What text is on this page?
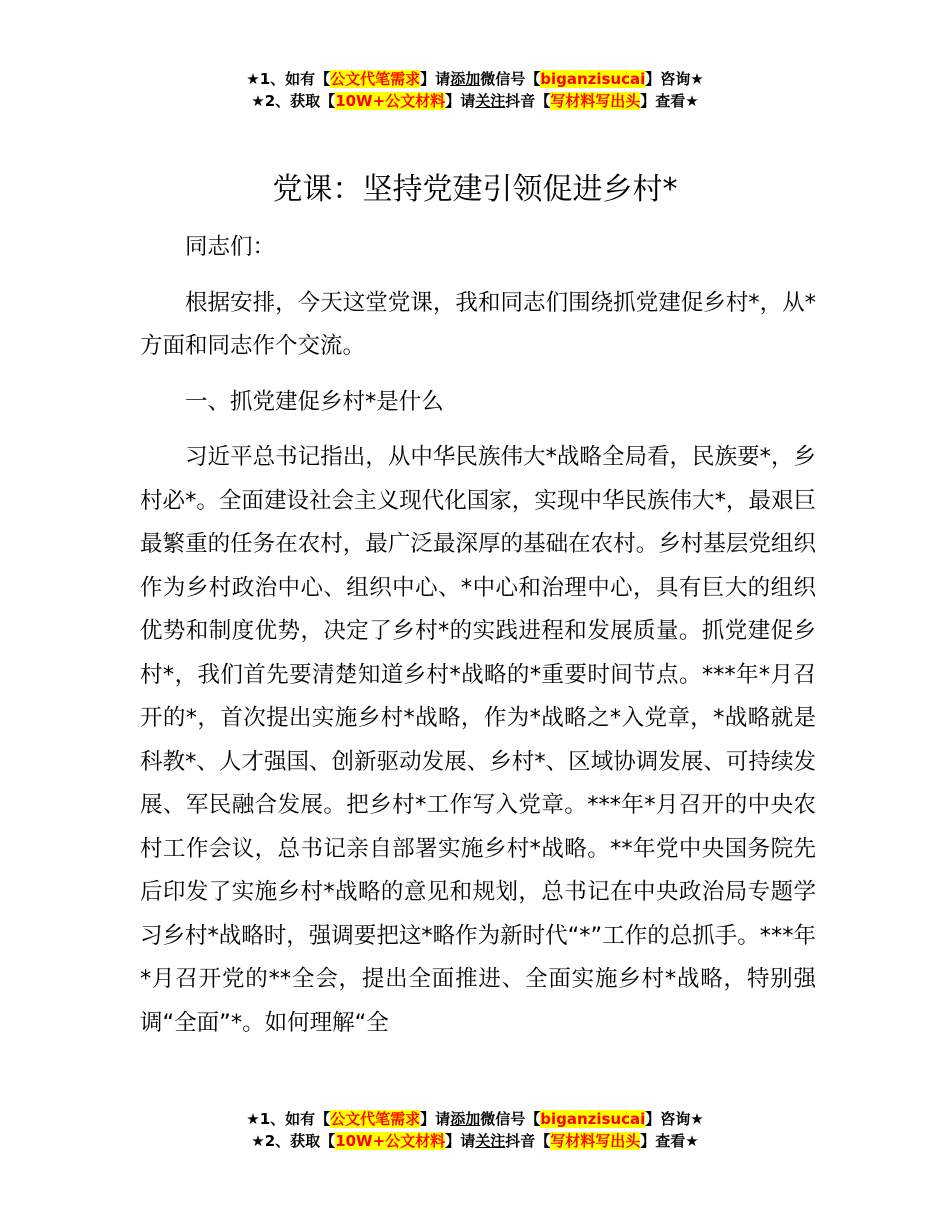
★1、如有【公文代笔需求】请添加微信号【biganzisucai】咨询★
★2、获取【10W+公文材料】请关注抖音【写材料写出头】查看★
党课：坚持党建引领促进乡村*

同志们：

根据安排，今天这堂党课，我和同志们围绕抓党建促乡村*，从*方面和同志作个交流。

一、抓党建促乡村*是什么

习近平总书记指出，从中华民族伟大*战略全局看，民族要*，乡村必*。全面建设社会主义现代化国家，实现中华民族伟大*，最艰巨最繁重的任务在农村，最广泛最深厚的基础在农村。乡村基层党组织作为乡村政治中心、组织中心、*中心和治理中心，具有巨大的组织优势和制度优势，决定了乡村*的实践进程和发展质量。抓党建促乡村*，我们首先要清楚知道乡村*战略的*重要时间节点。***年*月召开的*，首次提出实施乡村*战略，作为*战略之*入党章，*战略就是科教*、人才强国、创新驱动发展、乡村*、区域协调发展、可持续发展、军民融合发展。把乡村*工作写入党章。***年*月召开的中央农村工作会议，总书记亲自部署实施乡村*战略。**年党中央国务院先后印发了实施乡村*战略的意见和规划，总书记在中央政治局专题学习乡村*战略时，强调要把这*略作为新时代“*”工作的总抓手。***年*月召开党的**全会，提出全面推进、全面实施乡村*战略，特别强调“全面”*。如何理解“全

★1、如有【公文代笔需求】请添加微信号【biganzisucai】咨询★
★2、获取【10W+公文材料】请关注抖音【写材料写出头】查看★
